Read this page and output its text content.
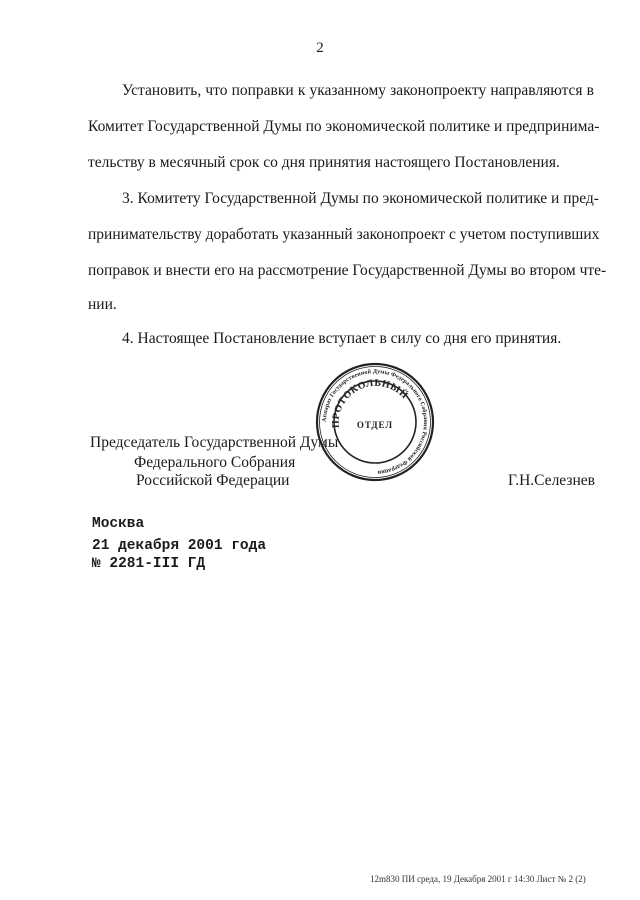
2
Установить, что поправки к указанному законопроекту направляются в
Комитет Государственной Думы по экономической политике и предпринима-
тельству в месячный срок со дня принятия настоящего Постановления.
3. Комитету Государственной Думы по экономической политике и пред-
принимательству доработать указанный законопроект с учетом поступивших
поправок и внести его на рассмотрение Государственной Думы во втором чте-
нии.
4. Настоящее Постановление вступает в силу со дня его принятия.
Аппарат Государственной Думы Федерального Собрания Российской Федерации
ПРОТОКОЛЬНЫЙ
ОТДЕЛ
Председатель Государственной Думы
Федерального Собрания
Российской Федерации	Г.Н.Селезнев
Москва
21 декабря 2001 года
№ 2281-III ГД
12m830 ПИ среда, 19 Декабря 2001 г 14:30 Лист № 2 (2)
